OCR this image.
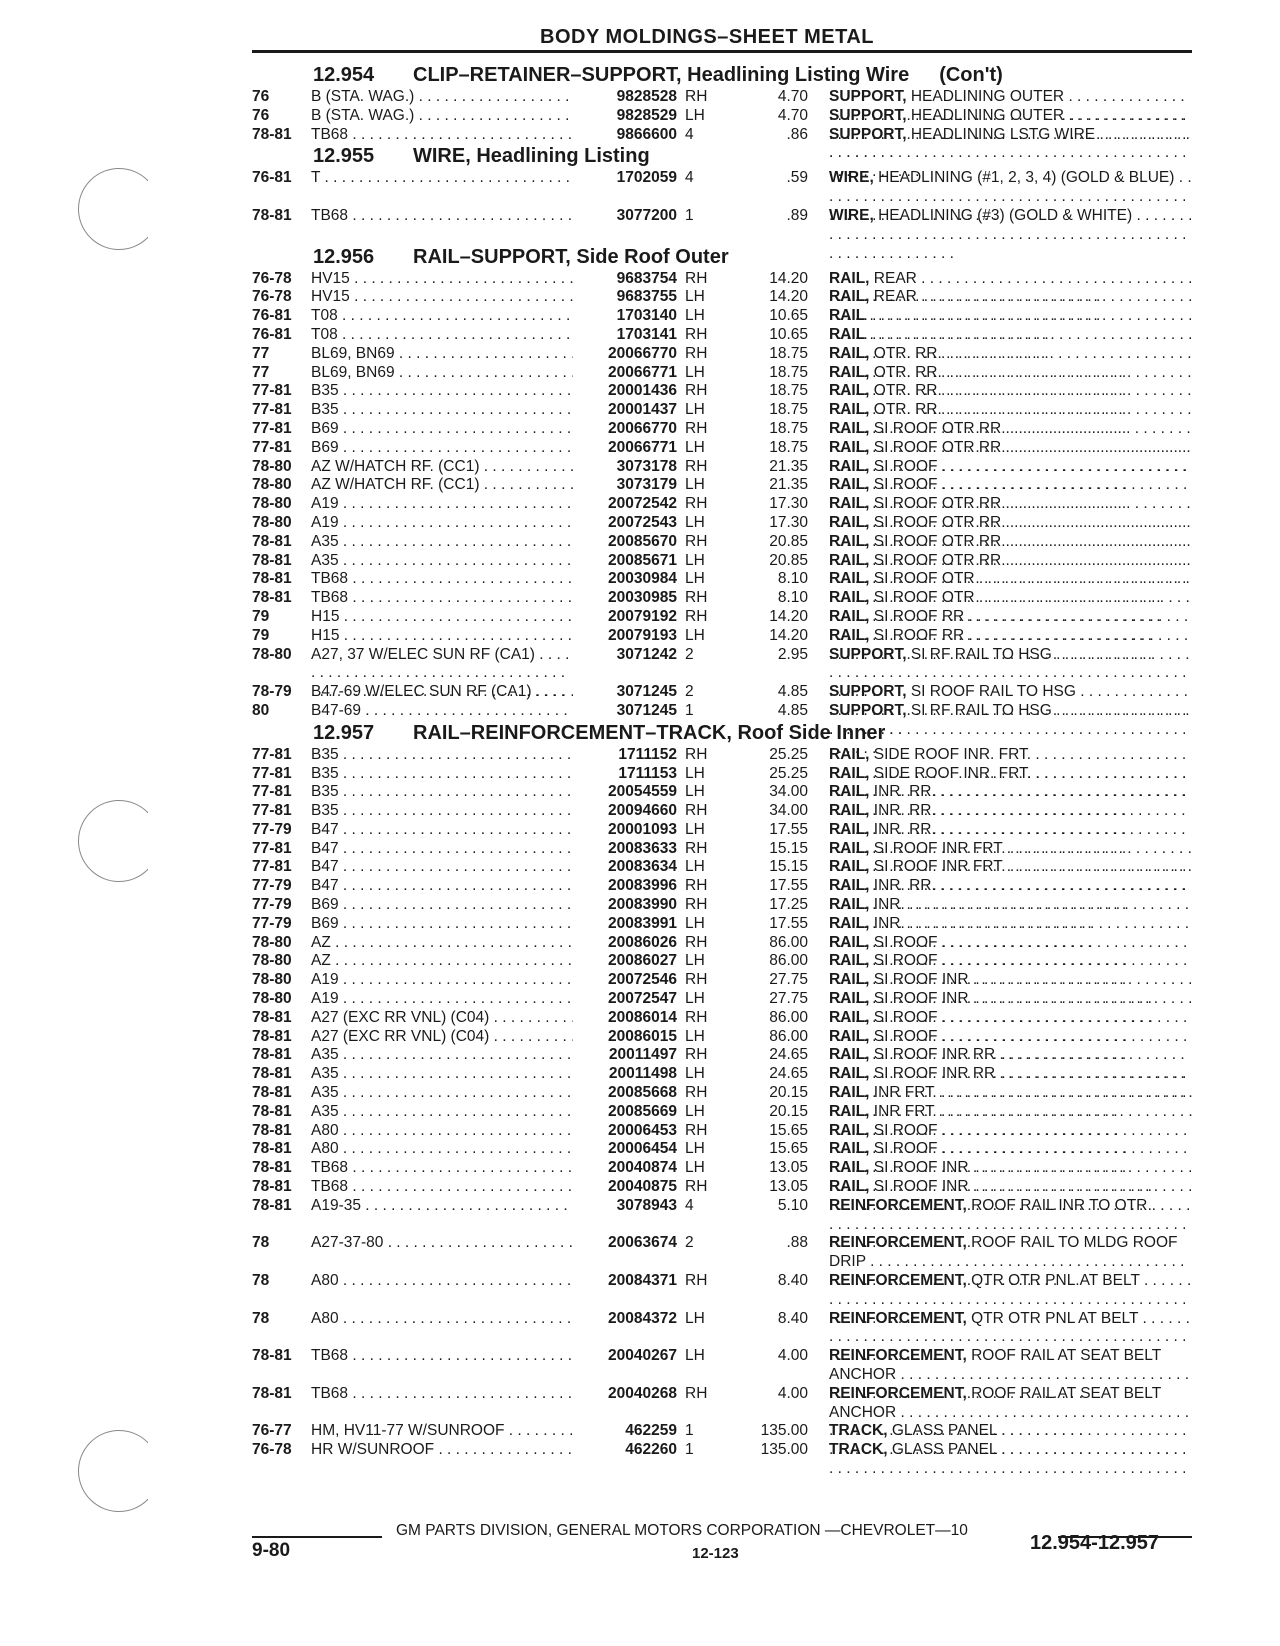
BODY MOLDINGS–SHEET METAL
12.954 CLIP–RETAINER–SUPPORT, Headlining Listing Wire (Con't)
76	B (STA. WAG.) . . .	9828528 RH	4.70 SUPPORT, HEADLINING OUTER . . .
76	B (STA. WAG.) . . .	9828529 LH	4.70 SUPPORT, HEADLINING OUTER . . .
78-81 TB68 . . .	9866600 4	.86 SUPPORT, HEADLINING LSTG WIRE . . .
12.955 WIRE, Headlining Listing
76-81 T . . .	1702059 4	.59 WIRE, HEADLINING (#1, 2, 3, 4) (GOLD & BLUE) . . .
78-81 TB68 . . .	3077200 1	.89 WIRE, HEADLINING (#3) (GOLD & WHITE) . . .
12.956 RAIL–SUPPORT, Side Roof Outer
76-78 HV15 . . .	9683754 RH	14.20 RAIL, REAR . . .
76-78 HV15 . . .	9683755 LH	14.20 RAIL, REAR . . .
76-81 T08 . . .	1703140 LH	10.65 RAIL . . .
76-81 T08 . . .	1703141 RH	10.65 RAIL . . .
77	BL69, BN69 . . .	20066770 RH	18.75 RAIL, OTR. RR. . . .
77	BL69, BN69 . . .	20066771 LH	18.75 RAIL, OTR. RR. . . .
77-81 B35 . . .	20001436 RH	18.75 RAIL, OTR. RR. . . .
77-81 B35 . . .	20001437 LH	18.75 RAIL, OTR. RR. . . .
77-81 B69 . . .	20066770 RH	18.75 RAIL, SI ROOF OTR RR . . .
77-81 B69 . . .	20066771 LH	18.75 RAIL, SI ROOF OTR RR . . .
78-80 AZ W/HATCH RF. (CC1) . . .	3073178 RH	21.35 RAIL, SI ROOF . . .
78-80 AZ W/HATCH RF. (CC1) . . .	3073179 LH	21.35 RAIL, SI ROOF . . .
78-80 A19 . . .	20072542 RH	17.30 RAIL, SI ROOF OTR RR . . .
78-80 A19 . . .	20072543 LH	17.30 RAIL, SI ROOF OTR RR . . .
78-81 A35 . . .	20085670 RH	20.85 RAIL, SI ROOF OTR RR . . .
78-81 A35 . . .	20085671 LH	20.85 RAIL, SI ROOF OTR RR . . .
78-81 TB68 . . .	20030984 LH	8.10 RAIL, SI ROOF OTR . . .
78-81 TB68 . . .	20030985 RH	8.10 RAIL, SI ROOF OTR . . .
79	H15 . . .	20079192 RH	14.20 RAIL, SI ROOF RR . . .
79	H15 . . .	20079193 LH	14.20 RAIL, SI ROOF RR . . .
78-80 A27, 37 W/ELEC SUN RF (CA1) . . .	3071242 2	2.95 SUPPORT, SI RF RAIL TO HSG . . .
78-79 B47-69 W/ELEC SUN RF (CA1) . . .	3071245 2	4.85 SUPPORT, SI ROOF RAIL TO HSG . . .
80	B47-69 . . .	3071245 1	4.85 SUPPORT, SI RF RAIL TO HSG . . .
12.957 RAIL–REINFORCEMENT–TRACK, Roof Side Inner
77-81 B35 . . .	1711152 RH	25.25 RAIL, SIDE ROOF INR. FRT. . . .
77-81 B35 . . .	1711153 LH	25.25 RAIL, SIDE ROOF INR. FRT. . . .
77-81 B35 . . .	20054559 LH	34.00 RAIL, INR. RR. . . .
77-81 B35 . . .	20094660 RH	34.00 RAIL, INR. RR. . . .
77-79 B47 . . .	20001093 LH	17.55 RAIL, INR. RR. . . .
77-81 B47 . . .	20083633 RH	15.15 RAIL, SI ROOF INR FRT . . .
77-81 B47 . . .	20083634 LH	15.15 RAIL, SI ROOF INR FRT . . .
77-79 B47 . . .	20083996 RH	17.55 RAIL, INR. RR. . . .
77-79 B69 . . .	20083990 RH	17.25 RAIL, INR. . . .
77-79 B69 . . .	20083991 LH	17.55 RAIL, INR. . . .
78-80 AZ . . .	20086026 RH	86.00 RAIL, SI ROOF . . .
78-80 AZ . . .	20086027 LH	86.00 RAIL, SI ROOF . . .
78-80 A19 . . .	20072546 RH	27.75 RAIL, SI ROOF INR . . .
78-80 A19 . . .	20072547 LH	27.75 RAIL, SI ROOF INR . . .
78-81 A27 (EXC RR VNL) (C04) . . .	20086014 RH	86.00 RAIL, SI ROOF . . .
78-81 A27 (EXC RR VNL) (C04) . . .	20086015 LH	86.00 RAIL, SI ROOF . . .
78-81 A35 . . .	20011497 RH	24.65 RAIL, SI ROOF INR RR . . .
78-81 A35 . . .	20011498 LH	24.65 RAIL, SI ROOF INR RR . . .
78-81 A35 . . .	20085668 RH	20.15 RAIL, INR FRT . . .
78-81 A35 . . .	20085669 LH	20.15 RAIL, INR FRT . . .
78-81 A80 . . .	20006453 RH	15.65 RAIL, SI ROOF . . .
78-81 A80 . . .	20006454 LH	15.65 RAIL, SI ROOF . . .
78-81 TB68 . . .	20040874 LH	13.05 RAIL, SI ROOF INR . . .
78-81 TB68 . . .	20040875 RH	13.05 RAIL, SI ROOF INR . . .
78-81 A19-35 . . .	3078943 4	5.10 REINFORCEMENT, ROOF RAIL INR TO OTR . . .
78	A27-37-80 . . .	20063674 2	.88 REINFORCEMENT, ROOF RAIL TO MLDG ROOF DRIP . . .
78	A80 . . .	20084371 RH	8.40 REINFORCEMENT, QTR OTR PNL.AT BELT . . .
78	A80 . . .	20084372 LH	8.40 REINFORCEMENT, QTR OTR PNL AT BELT . . .
78-81 TB68 . . .	20040267 LH	4.00 REINFORCEMENT, ROOF RAIL AT SEAT BELT ANCHOR . . .
78-81 TB68 . . .	20040268 RH	4.00 REINFORCEMENT, ROOF RAIL AT SEAT BELT ANCHOR . . .
76-77 HM, HV11-77 W/SUNROOF . . .	462259 1	135.00 TRACK, GLASS PANEL . . .
76-78 HR W/SUNROOF . . .	462260 1	135.00 TRACK, GLASS PANEL . . .
GM PARTS DIVISION, GENERAL MOTORS CORPORATION —CHEVROLET—10
9-80	12-123	12.954-12.957
